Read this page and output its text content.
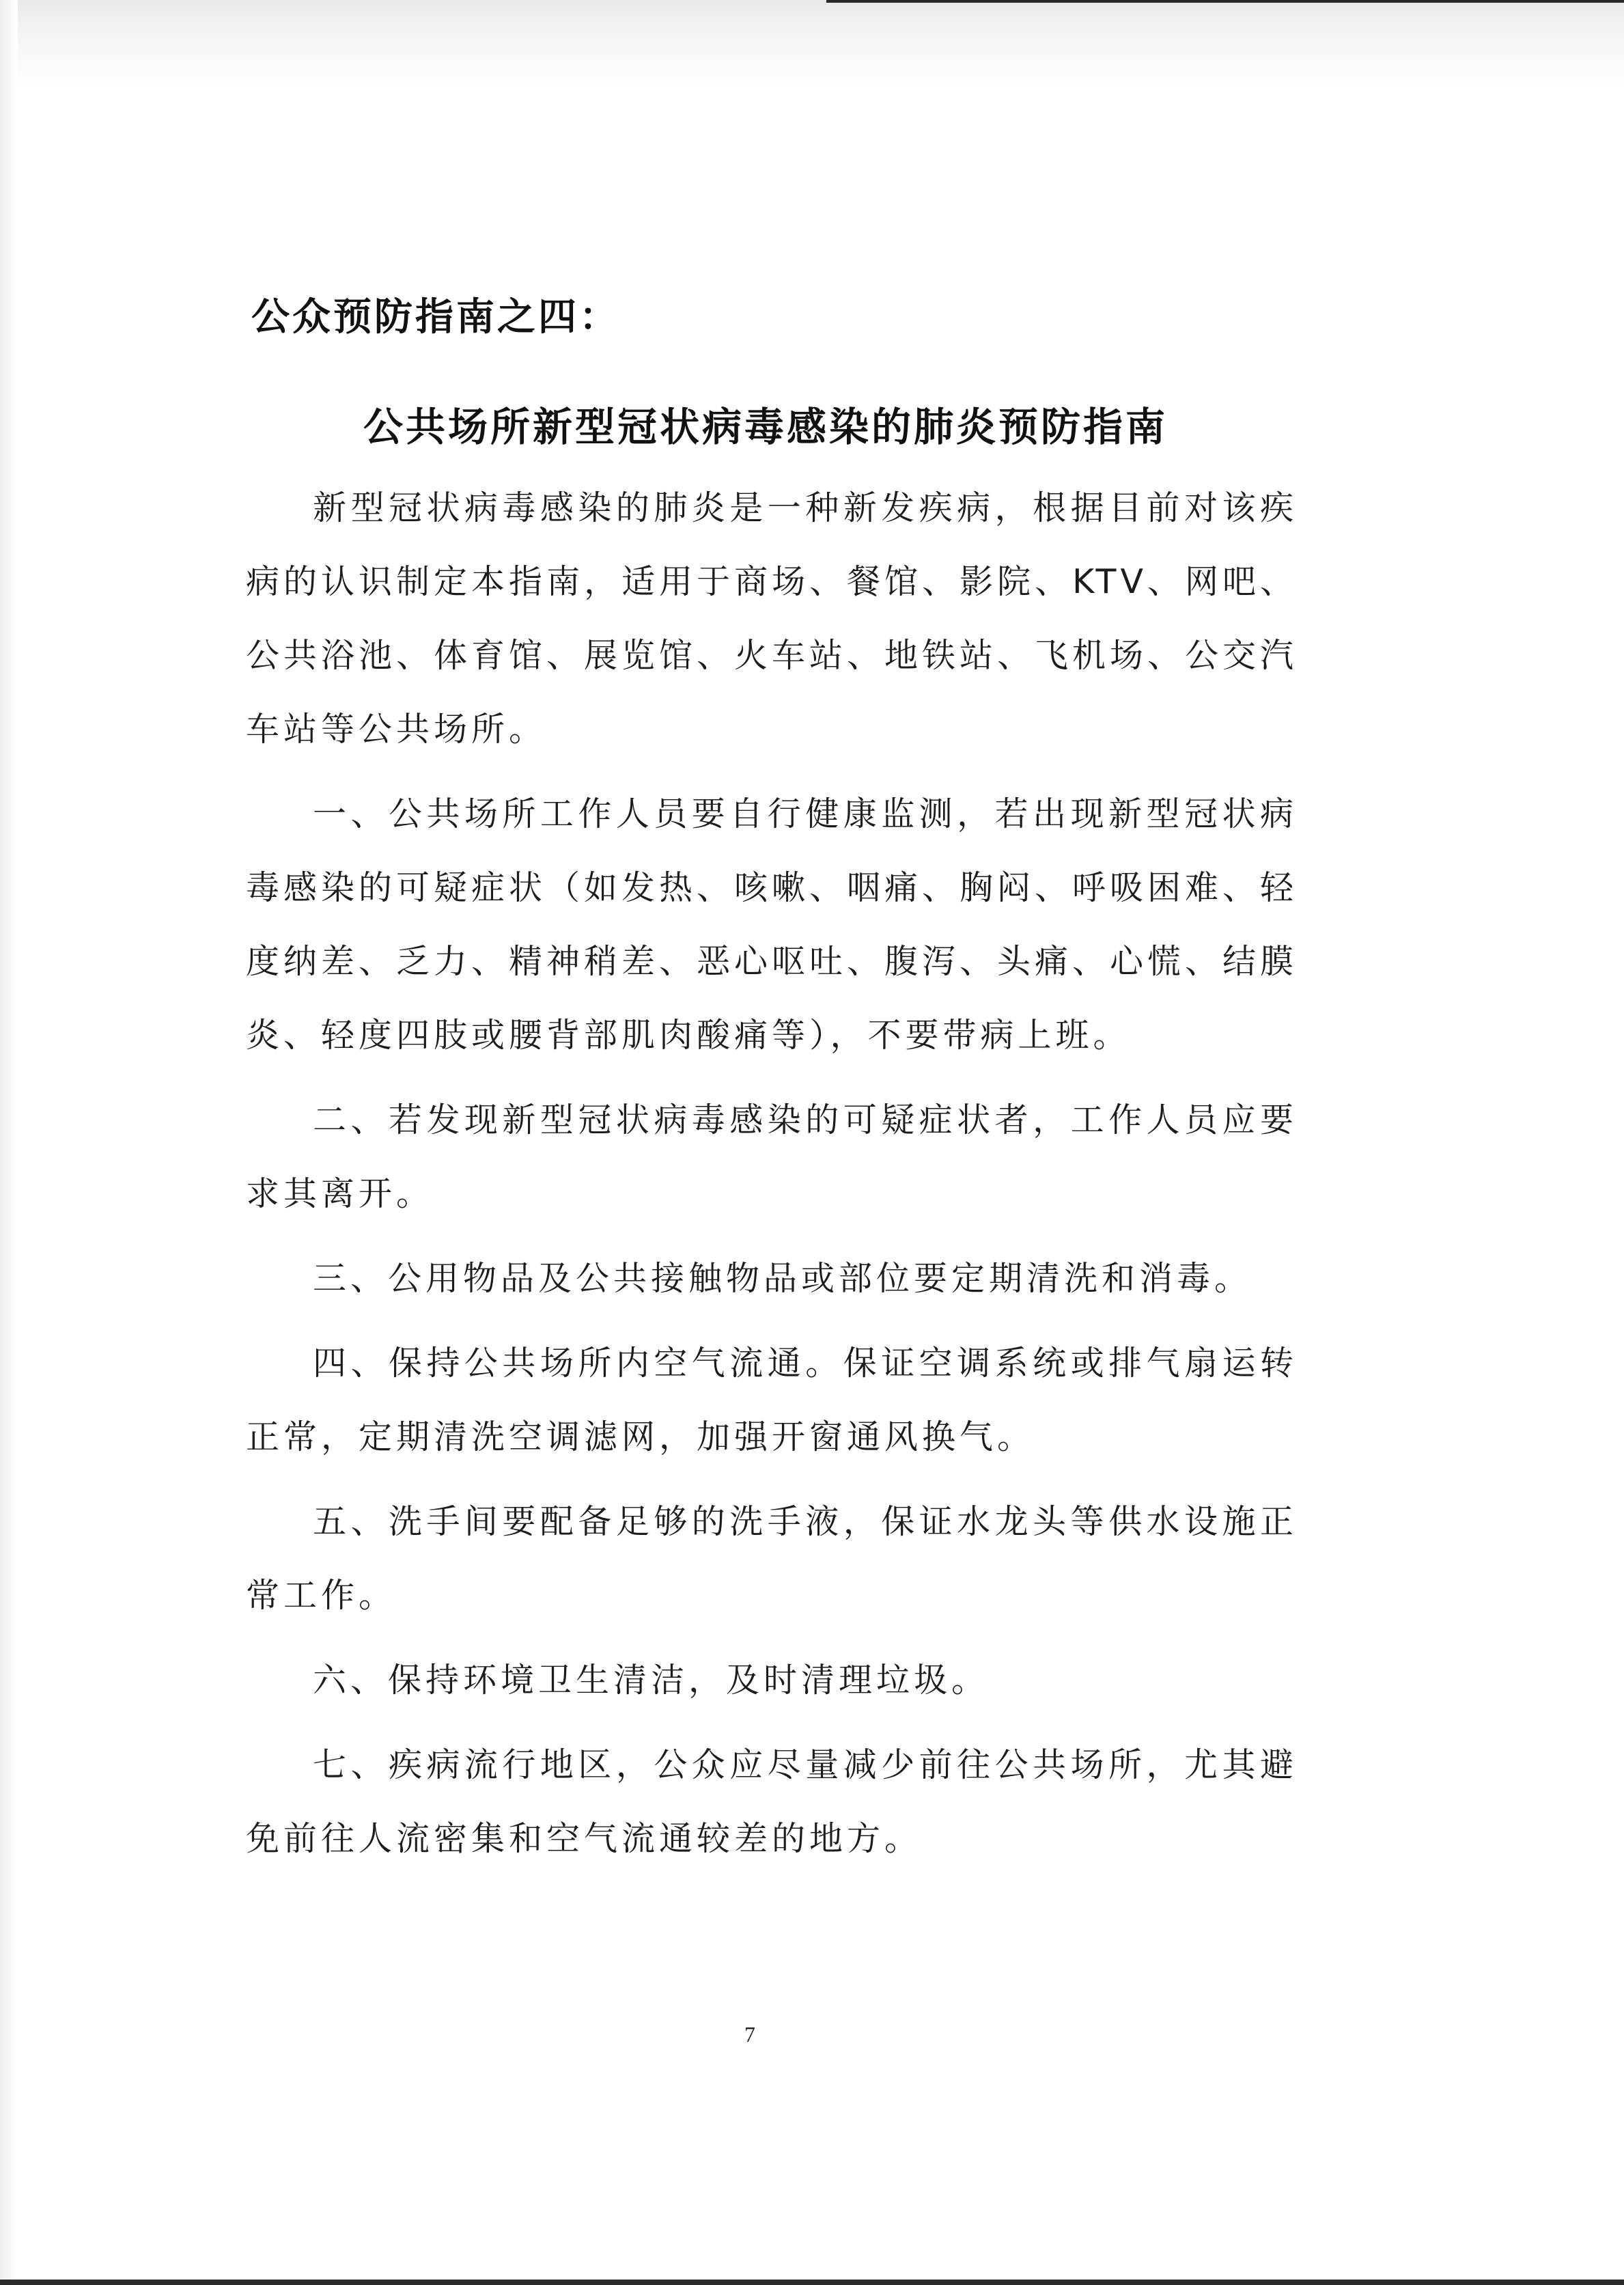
公众预防指南之四：
公共场所新型冠状病毒感染的肺炎预防指南

新型冠状病毒感染的肺炎是一种新发疾病，根据目前对该疾病的认识制定本指南，适用于商场、餐馆、影院、KTV、网吧、公共浴池、体育馆、展览馆、火车站、地铁站、飞机场、公交汽车站等公共场所。

一、公共场所工作人员要自行健康监测，若出现新型冠状病毒感染的可疑症状（如发热、咳嗽、咽痛、胸闷、呼吸困难、轻度纳差、乏力、精神稍差、恶心呕吐、腹泻、头痛、心慌、结膜炎、轻度四肢或腰背部肌肉酸痛等），不要带病上班。

二、若发现新型冠状病毒感染的可疑症状者，工作人员应要求其离开。

三、公用物品及公共接触物品或部位要定期清洗和消毒。

四、保持公共场所内空气流通。保证空调系统或排气扇运转正常，定期清洗空调滤网，加强开窗通风换气。

五、洗手间要配备足够的洗手液，保证水龙头等供水设施正常工作。

六、保持环境卫生清洁，及时清理垃圾。

七、疾病流行地区，公众应尽量减少前往公共场所，尤其避免前往人流密集和空气流通较差的地方。

7
